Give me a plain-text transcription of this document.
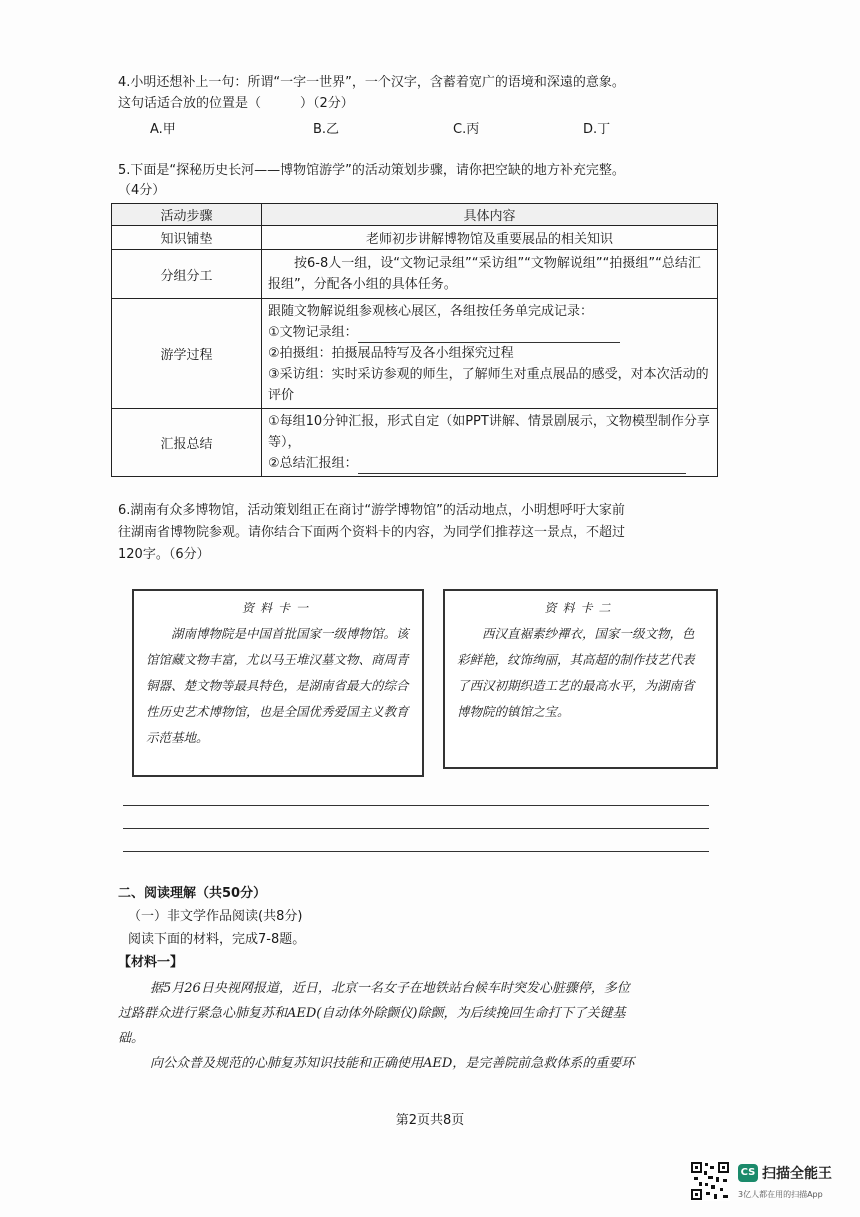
4.小明还想补上一句：所谓“一字一世界”，一个汉字，含蓄着宽广的语境和深遠的意象。
这句话适合放的位置是（　　　）（2分）
A.甲	B.乙	C.丙	D.丁
5.下面是“探秘历史长河——博物馆游学”的活动策划步骤，请你把空缺的地方补充完整。
（4分）
活动步骤	具体内容
知识铺垫	老师初步讲解博物馆及重要展品的相关知识
分组分工	按6-8人一组，设“文物记录组”“采访组”“文物解说组”“拍摄组”“总结汇报组”，分配各小组的具体任务。

游学过程	跟随文物解说组参观核心展区，各组按任务单完成记录：
①文物记录组：
②拍摄组：拍摄展品特写及各小组探究过程
③采访组：实时采访参观的师生，了解师生对重点展品的感受，对本次活动的评价

汇报总结	①每组10分钟汇报，形式自定（如PPT讲解、情景剧展示，文物模型制作分享等），
②总结汇报组：
6.湖南有众多博物馆，活动策划组正在商讨“游学博物馆”的活动地点，小明想呼吁大家前
往湖南省博物院参观。请你结合下面两个资料卡的内容，为同学们推荐这一景点，不超过
120字。（6分）
资料卡一
湖南博物院是中国首批国家一级博物馆。该馆馆藏文物丰富，尤以马王堆汉墓文物、商周青铜器、楚文物等最具特色，是湖南省最大的综合性历史艺术博物馆，也是全国优秀爱国主义教育示范基地。
资料卡二
西汉直裾素纱襌衣，国家一级文物，色彩鲜艳，纹饰绚丽，其高超的制作技艺代表了西汉初期织造工艺的最高水平，为湖南省博物院的镇馆之宝。
二、阅读理解（共50分）
（一）非文学作品阅读(共8分)
阅读下面的材料，完成7-8题。
【材料一】
据5月26日央视网报道，近日，北京一名女子在地铁站台候车时突发心脏骤停，多位
过路群众进行紧急心肺复苏和AED(自动体外除颤仪)除颤，为后续挽回生命打下了关键基
础。
向公众普及规范的心肺复苏知识技能和正确使用AED，是完善院前急救体系的重要环
第2页共8页
CS 扫描全能王
3亿人都在用的扫描App
